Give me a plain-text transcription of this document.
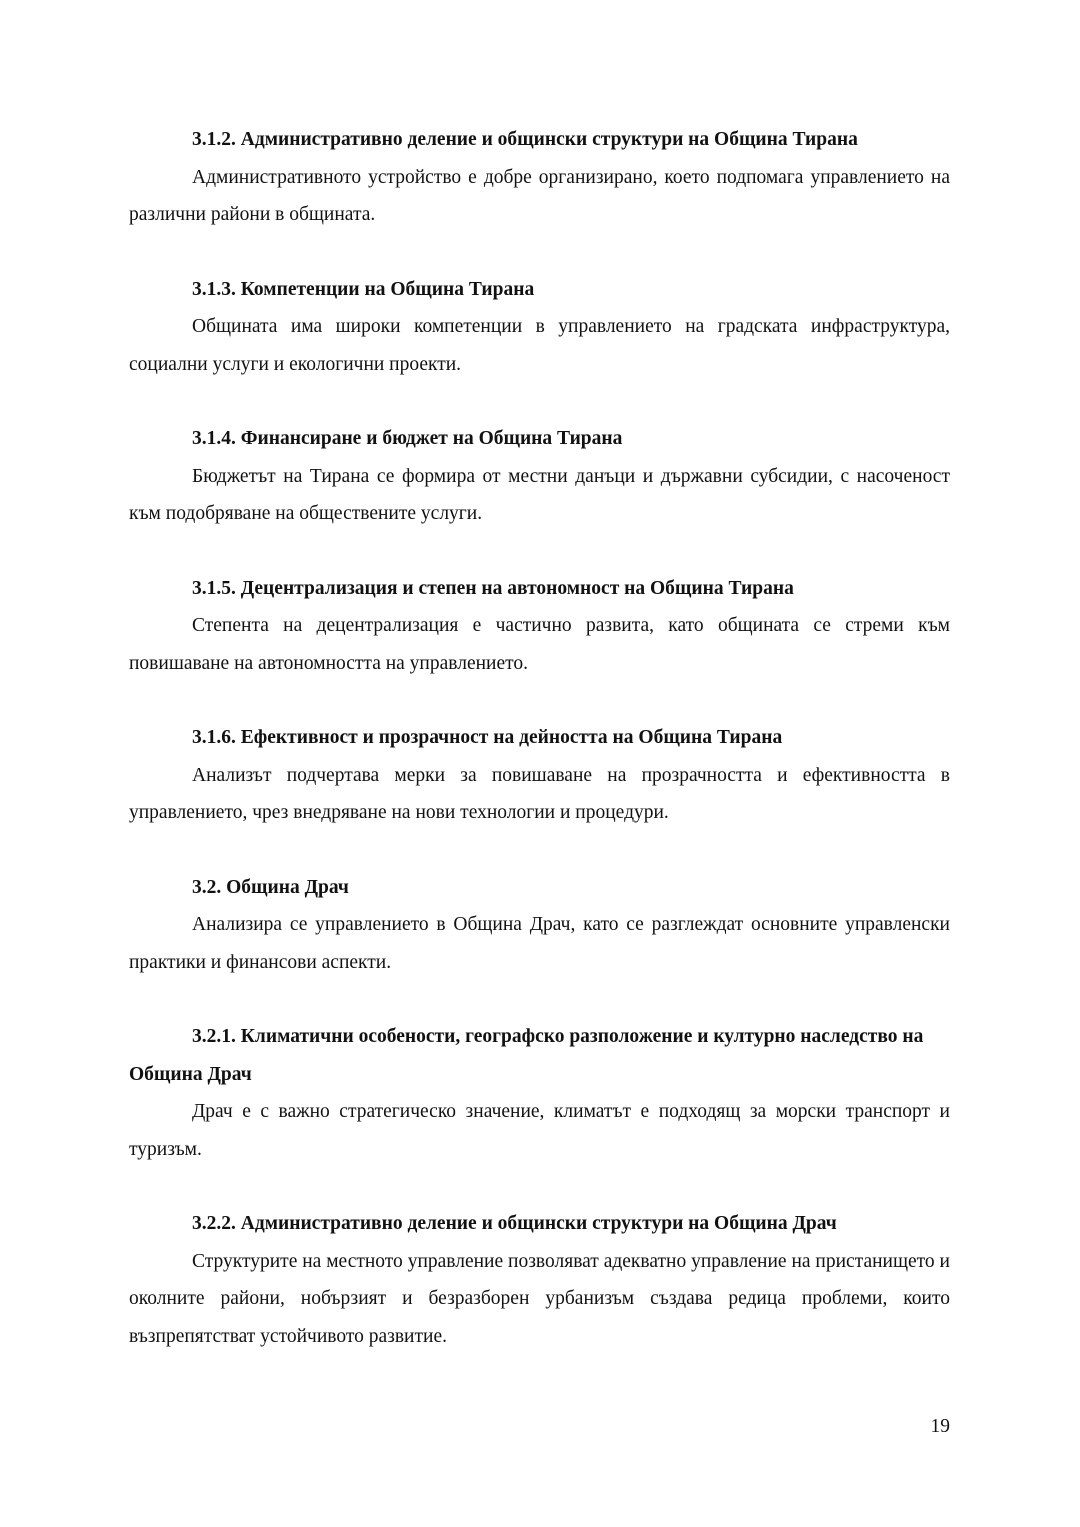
3.1.2. Административно деление и общински структури на Община Тирана

Административното устройство е добре организирано, което подпомага управлението на различни райони в общината.

3.1.3. Компетенции на Община Тирана

Общината има широки компетенции в управлението на градската инфраструктура, социални услуги и екологични проекти.

3.1.4. Финансиране и бюджет на Община Тирана

Бюджетът на Тирана се формира от местни данъци и държавни субсидии, с насоченост към подобряване на обществените услуги.

3.1.5. Децентрализация и степен на автономност на Община Тирана

Степента на децентрализация е частично развита, като общината се стреми към повишаване на автономността на управлението.

3.1.6. Ефективност и прозрачност на дейността на Община Тирана

Анализът подчертава мерки за повишаване на прозрачността и ефективността в управлението, чрез внедряване на нови технологии и процедури.

3.2. Община Драч

Анализира се управлението в Община Драч, като се разглеждат основните управленски практики и финансови аспекти.

3.2.1. Климатични особености, географско разположение и културно наследство на Община Драч

Драч е с важно стратегическо значение, климатът е подходящ за морски транспорт и туризъм.

3.2.2. Административно деление и общински структури на Община Драч

Структурите на местното управление позволяват адекватно управление на пристанището и околните райони, нобързият и безразборен урбанизъм създава редица проблеми, които възпрепятстват устойчивото развитие.

19
